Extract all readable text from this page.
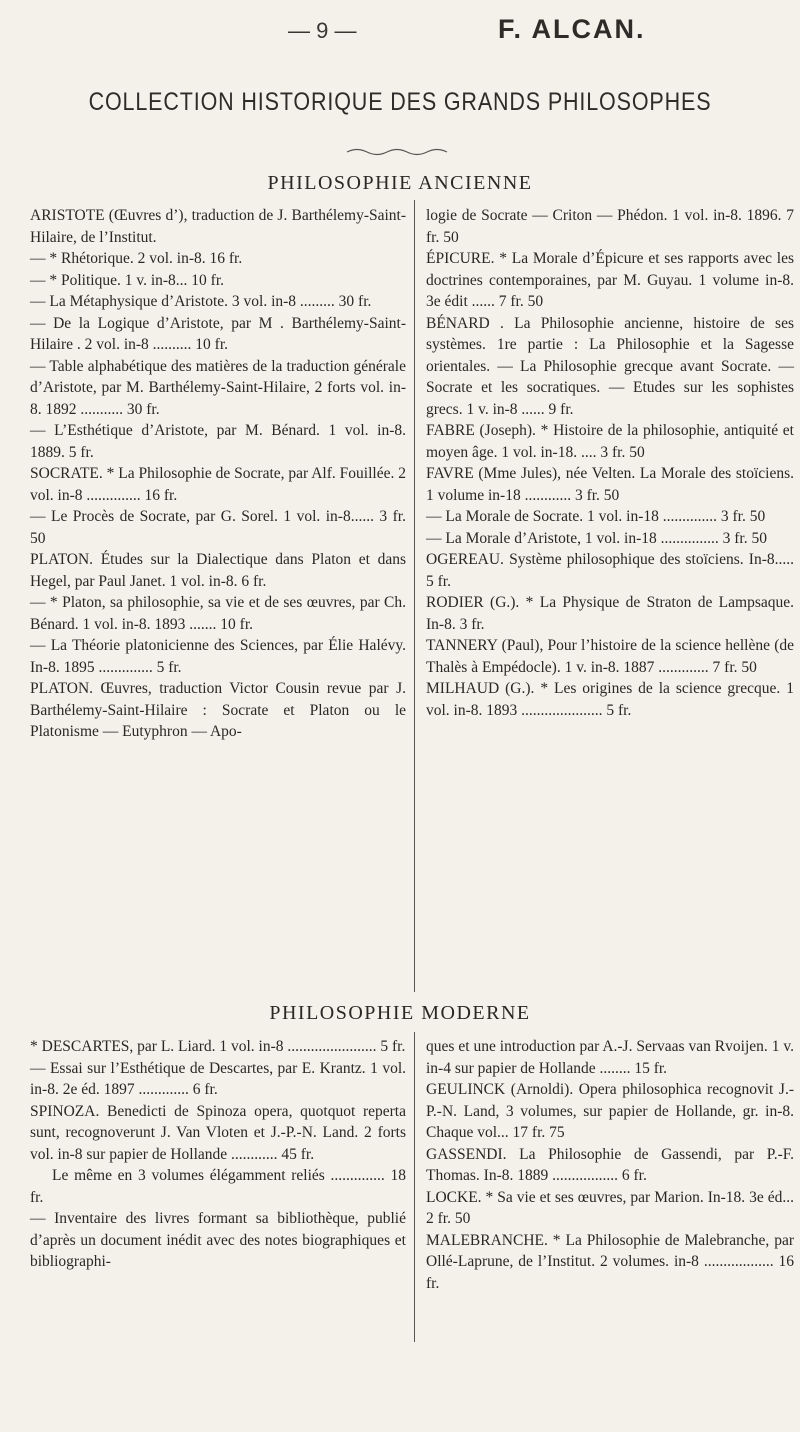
— 9 —	F. ALCAN.
COLLECTION HISTORIQUE DES GRANDS PHILOSOPHES
PHILOSOPHIE ANCIENNE

ARISTOTE (Œuvres d’), traduction de J. Barthélemy-Saint-Hilaire, de l’Institut.

— * Rhétorique. 2 vol. in-8. 16 fr.

— * Politique. 1 v. in-8... 10 fr.

— La Métaphysique d’Aristote. 3 vol. in-8 ......... 30 fr.

— De la Logique d’Aristote, par M . Barthélemy-Saint-Hilaire . 2 vol. in-8 .......... 10 fr.

— Table alphabétique des matières de la traduction générale d’Aristote, par M. Barthélemy-Saint-Hilaire, 2 forts vol. in-8. 1892 ........... 30 fr.

— L’Esthétique d’Aristote, par M. Bénard. 1 vol. in-8. 1889. 5 fr.

SOCRATE. * La Philosophie de Socrate, par Alf. Fouillée. 2 vol. in-8 .............. 16 fr.

— Le Procès de Socrate, par G. Sorel. 1 vol. in-8...... 3 fr. 50

PLATON. Études sur la Dialectique dans Platon et dans Hegel, par Paul Janet. 1 vol. in-8. 6 fr.

— * Platon, sa philosophie, sa vie et de ses œuvres, par Ch. Bénard. 1 vol. in-8. 1893 ....... 10 fr.

— La Théorie platonicienne des Sciences, par Élie Halévy. In-8. 1895 .............. 5 fr.

PLATON. Œuvres, traduction Victor Cousin revue par J. Barthélemy-Saint-Hilaire : Socrate et Platon ou le Platonisme — Eutyphron — Apo-

logie de Socrate — Criton — Phédon. 1 vol. in-8. 1896. 7 fr. 50

ÉPICURE. * La Morale d’Épicure et ses rapports avec les doctrines contemporaines, par M. Guyau. 1 volume in-8. 3e édit ...... 7 fr. 50

BÉNARD . La Philosophie ancienne, histoire de ses systèmes. 1re partie : La Philosophie et la Sagesse orientales. — La Philosophie grecque avant Socrate. — Socrate et les socratiques. — Etudes sur les sophistes grecs. 1 v. in-8 ...... 9 fr.

FABRE (Joseph). * Histoire de la philosophie, antiquité et moyen âge. 1 vol. in-18. .... 3 fr. 50

FAVRE (Mme Jules), née Velten. La Morale des stoïciens. 1 volume in-18 ............ 3 fr. 50

— La Morale de Socrate. 1 vol. in-18 .............. 3 fr. 50

— La Morale d’Aristote, 1 vol. in-18 ............... 3 fr. 50

OGEREAU. Système philosophique des stoïciens. In-8..... 5 fr.

RODIER (G.). * La Physique de Straton de Lampsaque. In-8. 3 fr.

TANNERY (Paul), Pour l’histoire de la science hellène (de Thalès à Empédocle). 1 v. in-8. 1887 ............. 7 fr. 50

MILHAUD (G.). * Les origines de la science grecque. 1 vol. in-8. 1893 ..................... 5 fr.

PHILOSOPHIE MODERNE

* DESCARTES, par L. Liard. 1 vol. in-8 ....................... 5 fr.

— Essai sur l’Esthétique de Descartes, par E. Krantz. 1 vol. in-8. 2e éd. 1897 ............. 6 fr.

SPINOZA. Benedicti de Spinoza opera, quotquot reperta sunt, recognoverunt J. Van Vloten et J.-P.-N. Land. 2 forts vol. in-8 sur papier de Hollande ............ 45 fr.

Le même en 3 volumes élégamment reliés .............. 18 fr.

— Inventaire des livres formant sa bibliothèque, publié d’après un document inédit avec des notes biographiques et bibliographi-

ques et une introduction par A.-J. Servaas van Rvoijen. 1 v. in-4 sur papier de Hollande ........ 15 fr.

GEULINCK (Arnoldi). Opera philosophica recognovit J.-P.-N. Land, 3 volumes, sur papier de Hollande, gr. in-8. Chaque vol... 17 fr. 75

GASSENDI. La Philosophie de Gassendi, par P.-F. Thomas. In-8. 1889 ................. 6 fr.

LOCKE. * Sa vie et ses œuvres, par Marion. In-18. 3e éd... 2 fr. 50

MALEBRANCHE. * La Philosophie de Malebranche, par Ollé-Laprune, de l’Institut. 2 volumes. in-8 .................. 16 fr.
